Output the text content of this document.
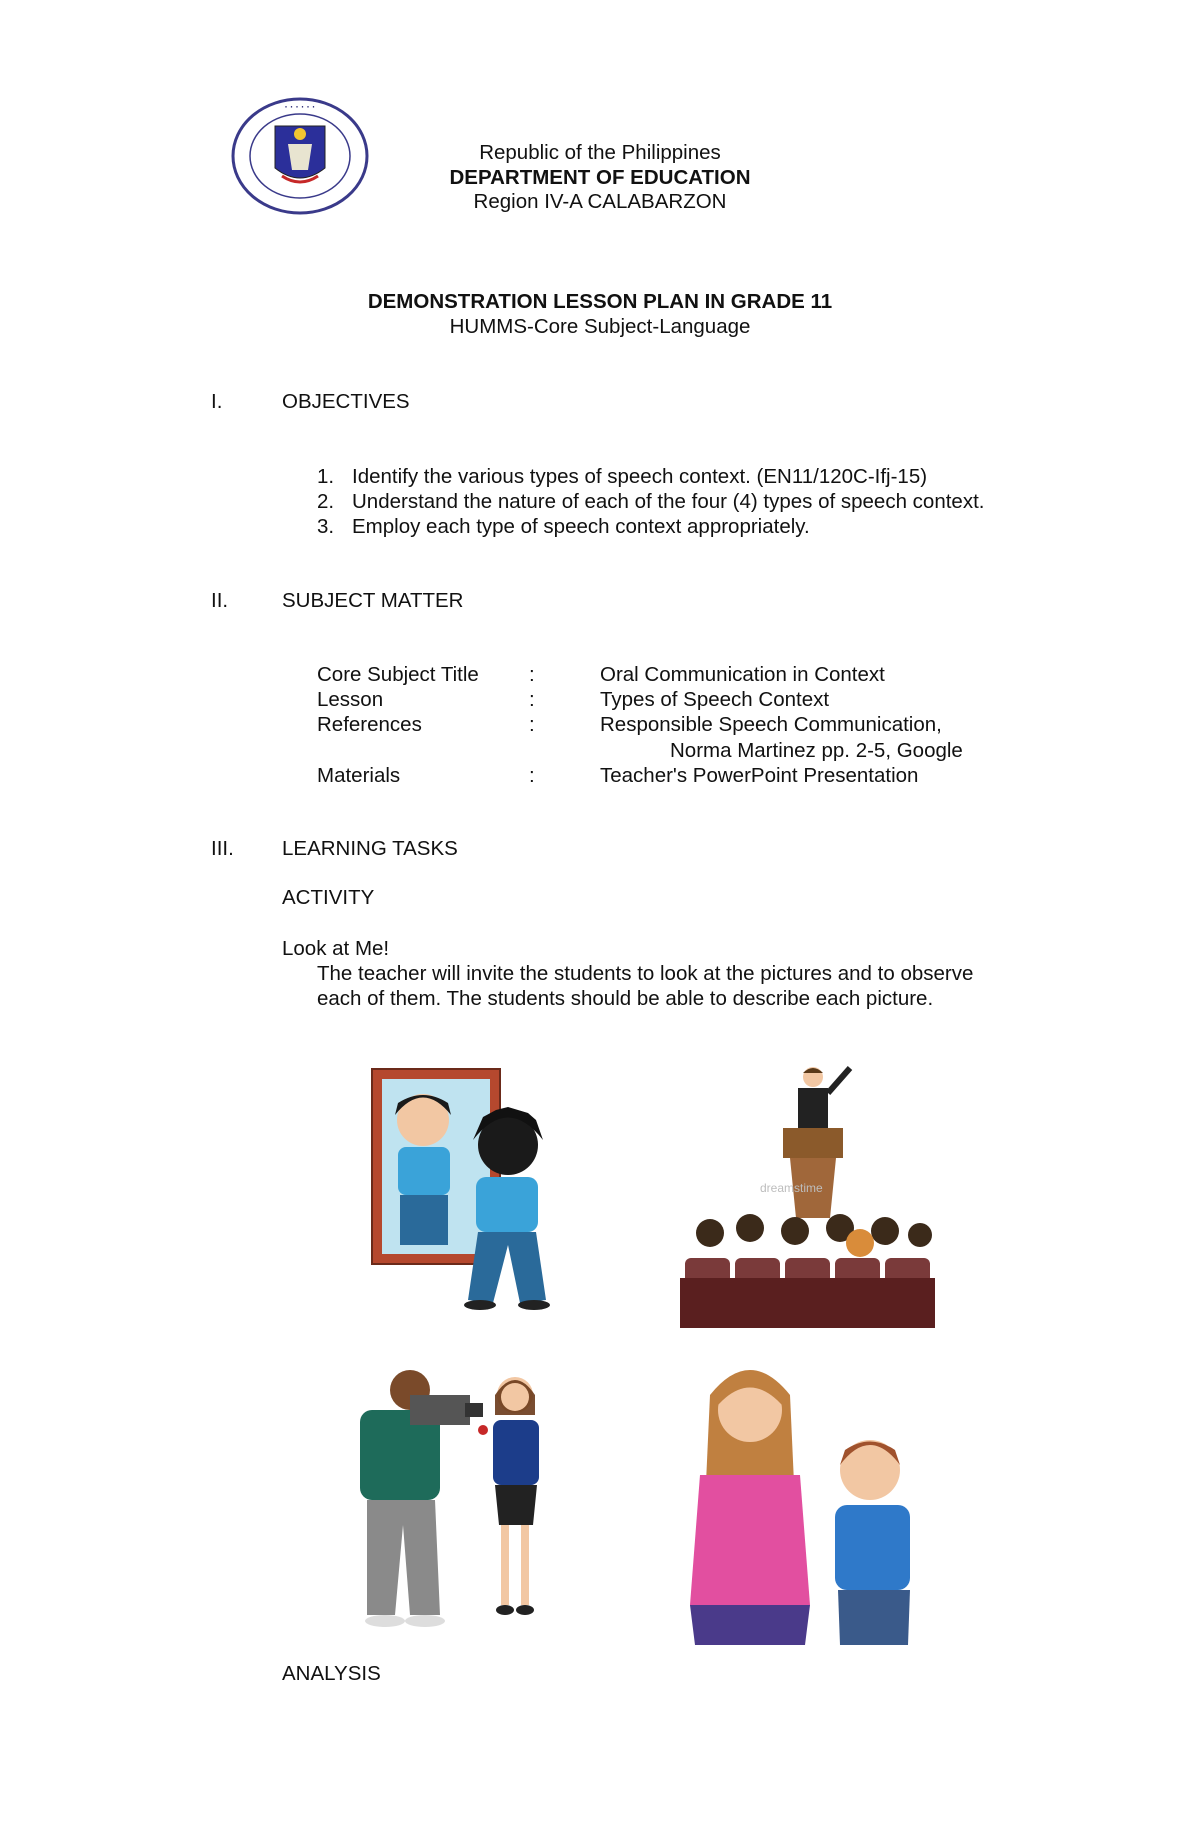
· · · · · ·
Republic of the Philippines
DEPARTMENT OF EDUCATION
Region IV-A CALABARZON
DEMONSTRATION LESSON PLAN IN GRADE 11
HUMMS-Core Subject-Language
I.	OBJECTIVES
1. Identify the various types of speech context. (EN11/120C-Ifj-15)
2. Understand the nature of each of the four (4) types of speech context.
3. Employ each type of speech context appropriately.
II.	SUBJECT MATTER
Core Subject Title :	Oral Communication in Context
Lesson	:	Types of Speech Context
References	:	Responsible Speech Communication,
Norma Martinez pp. 2-5, Google
Materials	:	Teacher's PowerPoint Presentation
III. LEARNING TASKS
ACTIVITY
Look at Me!
The teacher will invite the students to look at the pictures and to observe
each of them. The students should be able to describe each picture.
dreamstime
ANALYSIS
